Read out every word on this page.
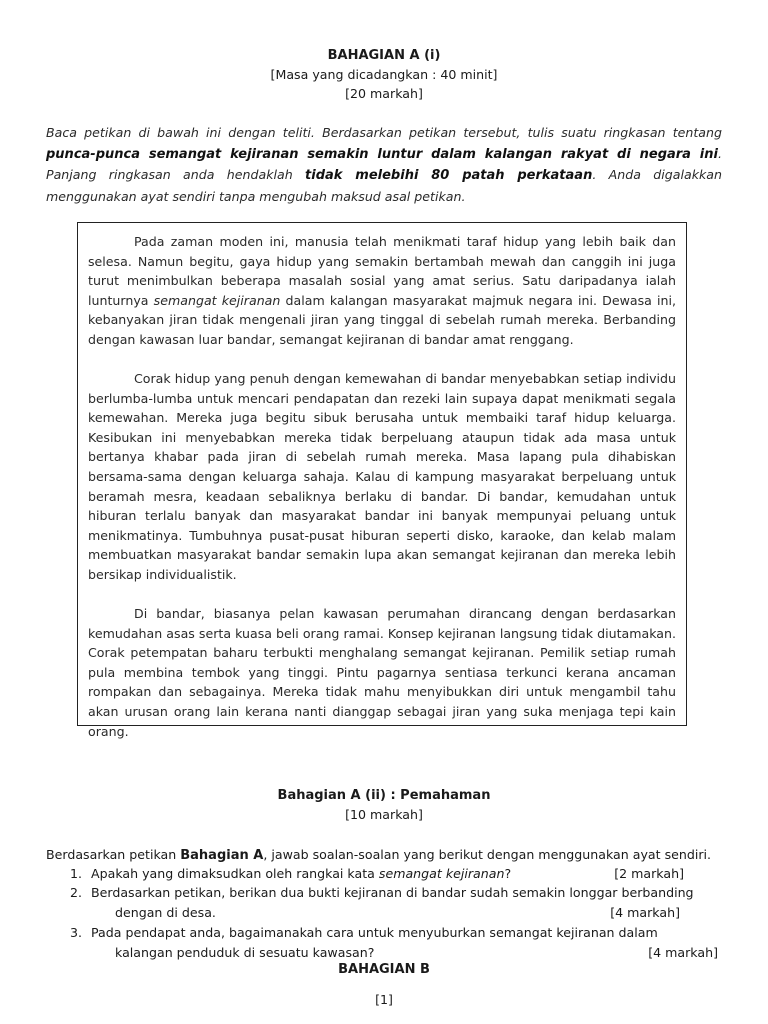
BAHAGIAN A (i)
[Masa yang dicadangkan : 40 minit]
[20 markah]
Baca petikan di bawah ini dengan teliti. Berdasarkan petikan tersebut, tulis suatu ringkasan tentang punca-punca semangat kejiranan semakin luntur dalam kalangan rakyat di negara ini. Panjang ringkasan anda hendaklah tidak melebihi 80 patah perkataan. Anda digalakkan menggunakan ayat sendiri tanpa mengubah maksud asal petikan.

Pada zaman moden ini, manusia telah menikmati taraf hidup yang lebih baik dan selesa. Namun begitu, gaya hidup yang semakin bertambah mewah dan canggih ini juga turut menimbulkan beberapa masalah sosial yang amat serius. Satu daripadanya ialah lunturnya semangat kejiranan dalam kalangan masyarakat majmuk negara ini. Dewasa ini, kebanyakan jiran tidak mengenali jiran yang tinggal di sebelah rumah mereka. Berbanding dengan kawasan luar bandar, semangat kejiranan di bandar amat renggang.

Corak hidup yang penuh dengan kemewahan di bandar menyebabkan setiap individu berlumba-lumba untuk mencari pendapatan dan rezeki lain supaya dapat menikmati segala kemewahan. Mereka juga begitu sibuk berusaha untuk membaiki taraf hidup keluarga. Kesibukan ini menyebabkan mereka tidak berpeluang ataupun tidak ada masa untuk bertanya khabar pada jiran di sebelah rumah mereka. Masa lapang pula dihabiskan bersama-sama dengan keluarga sahaja. Kalau di kampung masyarakat berpeluang untuk beramah mesra, keadaan sebaliknya berlaku di bandar. Di bandar, kemudahan untuk hiburan terlalu banyak dan masyarakat bandar ini banyak mempunyai peluang untuk menikmatinya. Tumbuhnya pusat-pusat hiburan seperti disko, karaoke, dan kelab malam membuatkan masyarakat bandar semakin lupa akan semangat kejiranan dan mereka lebih bersikap individualistik.

Di bandar, biasanya pelan kawasan perumahan dirancang dengan berdasarkan kemudahan asas serta kuasa beli orang ramai. Konsep kejiranan langsung tidak diutamakan. Corak petempatan baharu terbukti menghalang semangat kejiranan. Pemilik setiap rumah pula membina tembok yang tinggi. Pintu pagarnya sentiasa terkunci kerana ancaman rompakan dan sebagainya. Mereka tidak mahu menyibukkan diri untuk mengambil tahu akan urusan orang lain kerana nanti dianggap sebagai jiran yang suka menjaga tepi kain orang.

Bahagian A (ii) : Pemahaman
[10 markah]
Berdasarkan petikan Bahagian A, jawab soalan-soalan yang berikut dengan menggunakan ayat sendiri.
1. Apakah yang dimaksudkan oleh rangkai kata semangat kejiranan?	[2 markah]
2. Berdasarkan petikan, berikan dua bukti kejiranan di bandar sudah semakin longgar berbanding
dengan di desa.	[4 markah]
3. Pada pendapat anda, bagaimanakah cara untuk menyuburkan semangat kejiranan dalam
kalangan penduduk di sesuatu kawasan?	[4 markah]
BAHAGIAN B
[1]
